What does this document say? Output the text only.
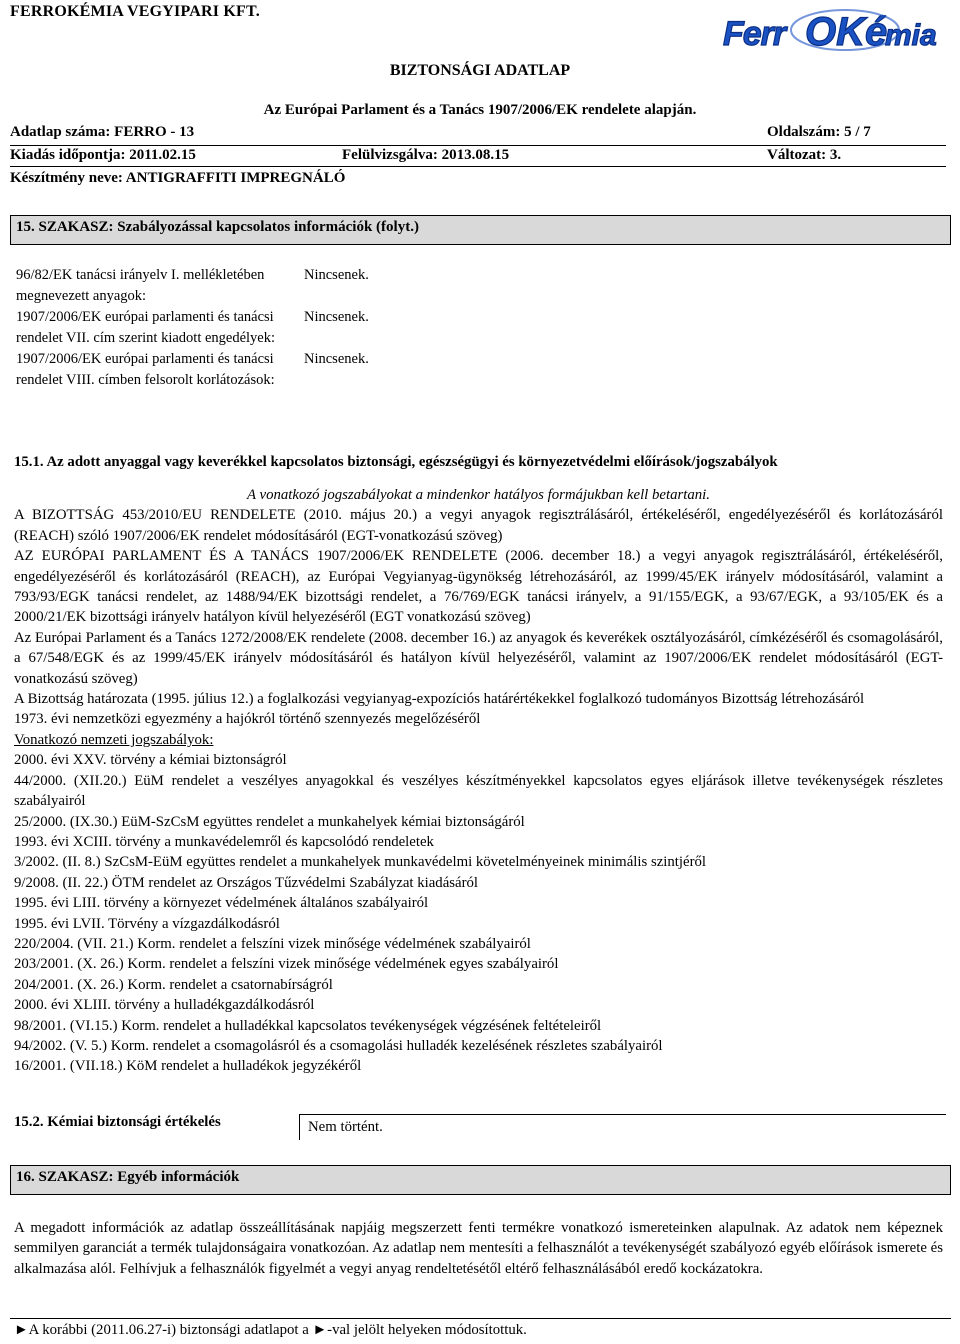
FERROKÉMIA VEGYIPARI KFT.
Ferr OKé
mia
BIZTONSÁGI ADATLAP
Az Európai Parlament és a Tanács 1907/2006/EK rendelete alapján.
Adatlap száma: FERRO - 13	Oldalszám: 5 / 7
Kiadás időpontja: 2011.02.15	Felülvizsgálva: 2013.08.15	Változat: 3.
Készítmény neve: ANTIGRAFFITI IMPREGNÁLÓ
15. SZAKASZ: Szabályozással kapcsolatos információk (folyt.)
96/82/EK tanácsi irányelv I. mellékletében megnevezett anyagok:	Nincsenek.
1907/2006/EK európai parlamenti és tanácsi rendelet VII. cím szerint kiadott engedélyek:	Nincsenek.
1907/2006/EK európai parlamenti és tanácsi rendelet VIII. címben felsorolt korlátozások:	Nincsenek.
15.1. Az adott anyaggal vagy keverékkel kapcsolatos biztonsági, egészségügyi és környezetvédelmi előírások/jogszabályok

A vonatkozó jogszabályokat a mindenkor hatályos formájukban kell betartani.

A BIZOTTSÁG 453/2010/EU RENDELETE (2010. május 20.) a vegyi anyagok regisztrálásáról, értékeléséről, engedélyezéséről és korlátozásáról (REACH) szóló 1907/2006/EK rendelet módosításáról (EGT-vonatkozású szöveg)

AZ EURÓPAI PARLAMENT ÉS A TANÁCS 1907/2006/EK RENDELETE (2006. december 18.) a vegyi anyagok regisztrálásáról, értékeléséről, engedélyezéséről és korlátozásáról (REACH), az Európai Vegyianyag-ügynökség létrehozásáról, az 1999/45/EK irányelv módosításáról, valamint a 793/93/EGK tanácsi rendelet, az 1488/94/EK bizottsági rendelet, a 76/769/EGK tanácsi irányelv, a 91/155/EGK, a 93/67/EGK, a 93/105/EK és a 2000/21/EK bizottsági irányelv hatályon kívül helyezéséről (EGT vonatkozású szöveg)

Az Európai Parlament és a Tanács 1272/2008/EK rendelete (2008. december 16.) az anyagok és keverékek osztályozásáról, címkézéséről és csomagolásáról, a 67/548/EGK és az 1999/45/EK irányelv módosításáról és hatályon kívül helyezéséről, valamint az 1907/2006/EK rendelet módosításáról (EGT-vonatkozású szöveg)

A Bizottság határozata (1995. július 12.) a foglalkozási vegyianyag-expozíciós határértékekkel foglalkozó tudományos Bizottság létrehozásáról

1973. évi nemzetközi egyezmény a hajókról történő szennyezés megelőzéséről

Vonatkozó nemzeti jogszabályok:

2000. évi XXV. törvény a kémiai biztonságról

44/2000. (XII.20.) EüM rendelet a veszélyes anyagokkal és veszélyes készítményekkel kapcsolatos egyes eljárások illetve tevékenységek részletes szabályairól

25/2000. (IX.30.) EüM-SzCsM együttes rendelet a munkahelyek kémiai biztonságáról

1993. évi XCIII. törvény a munkavédelemről és kapcsolódó rendeletek

3/2002. (II. 8.) SzCsM-EüM együttes rendelet a munkahelyek munkavédelmi követelményeinek minimális szintjéről

9/2008. (II. 22.) ÖTM rendelet az Országos Tűzvédelmi Szabályzat kiadásáról

1995. évi LIII. törvény a környezet védelmének általános szabályairól

1995. évi LVII. Törvény a vízgazdálkodásról

220/2004. (VII. 21.) Korm. rendelet a felszíni vizek minősége védelmének szabályairól

203/2001. (X. 26.) Korm. rendelet a felszíni vizek minősége védelmének egyes szabályairól

204/2001. (X. 26.) Korm. rendelet a csatornabírságról

2000. évi XLIII. törvény a hulladékgazdálkodásról

98/2001. (VI.15.) Korm. rendelet a hulladékkal kapcsolatos tevékenységek végzésének feltételeiről

94/2002. (V. 5.) Korm. rendelet a csomagolásról és a csomagolási hulladék kezelésének részletes szabályairól

16/2001. (VII.18.) KöM rendelet a hulladékok jegyzékéről

15.2. Kémiai biztonsági értékelés	Nem történt.
16. SZAKASZ: Egyéb információk
A megadott információk az adatlap összeállításának napjáig megszerzett fenti termékre vonatkozó ismereteinken alapulnak. Az adatok nem képeznek semmilyen garanciát a termék tulajdonságaira vonatkozóan. Az adatlap nem mentesíti a felhasználót a tevékenységét szabályozó egyéb előírások ismerete és alkalmazása alól. Felhívjuk a felhasználók figyelmét a vegyi anyag rendeltetésétől eltérő felhasználásából eredő kockázatokra.
►A korábbi (2011.06.27-i) biztonsági adatlapot a ►-val jelölt helyeken módosítottuk.
